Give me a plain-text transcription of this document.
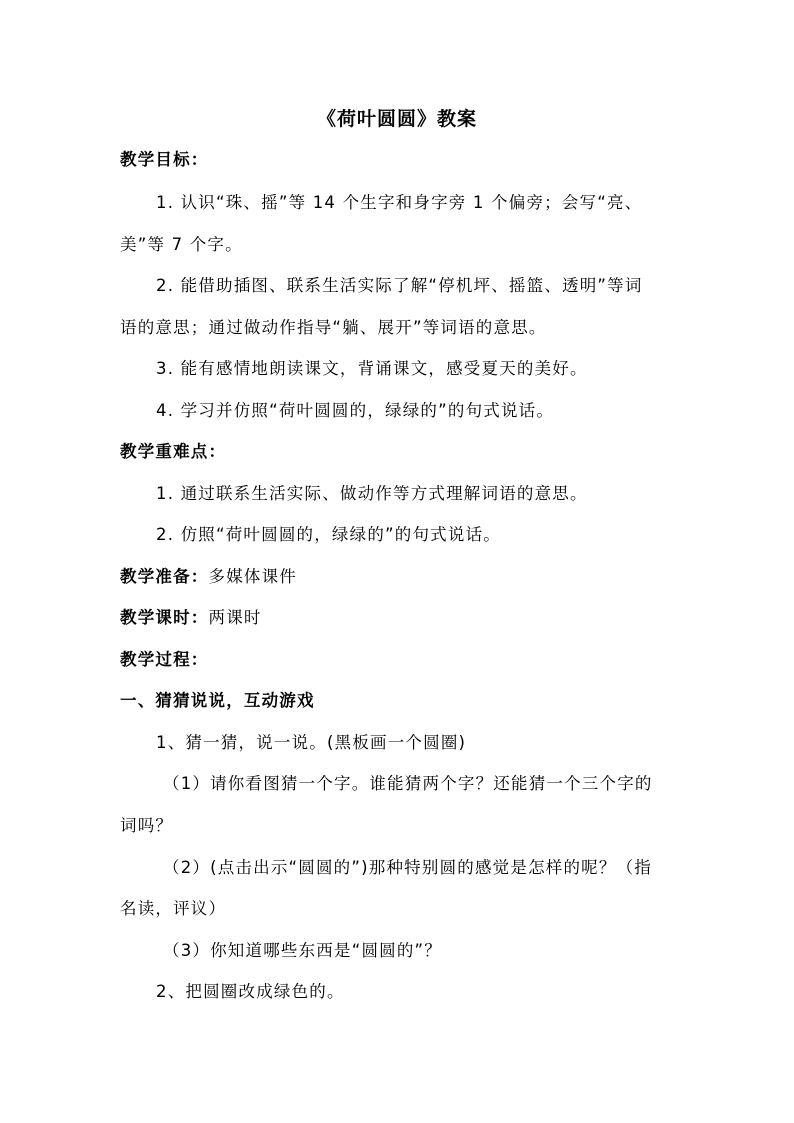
《荷叶圆圆》教案
教学目标：
1. 认识“珠、摇”等 14 个生字和身字旁 1 个偏旁；会写“亮、
美”等 7 个字。
2. 能借助插图、联系生活实际了解“停机坪、摇篮、透明”等词
语的意思；通过做动作指导“躺、展开”等词语的意思。
3. 能有感情地朗读课文，背诵课文，感受夏天的美好。
4. 学习并仿照“荷叶圆圆的，绿绿的”的句式说话。
教学重难点：
1. 通过联系生活实际、做动作等方式理解词语的意思。
2. 仿照“荷叶圆圆的，绿绿的”的句式说话。
教学准备：多媒体课件
教学课时：两课时
教学过程：
一、猜猜说说，互动游戏
1、猜一猜，说一说。(黑板画一个圆圈)
（1）请你看图猜一个字。谁能猜两个字？还能猜一个三个字的
词吗？
（2）(点击出示“圆圆的”)那种特别圆的感觉是怎样的呢？（指
名读，评议）
（3）你知道哪些东西是“圆圆的”？
2、把圆圈改成绿色的。
